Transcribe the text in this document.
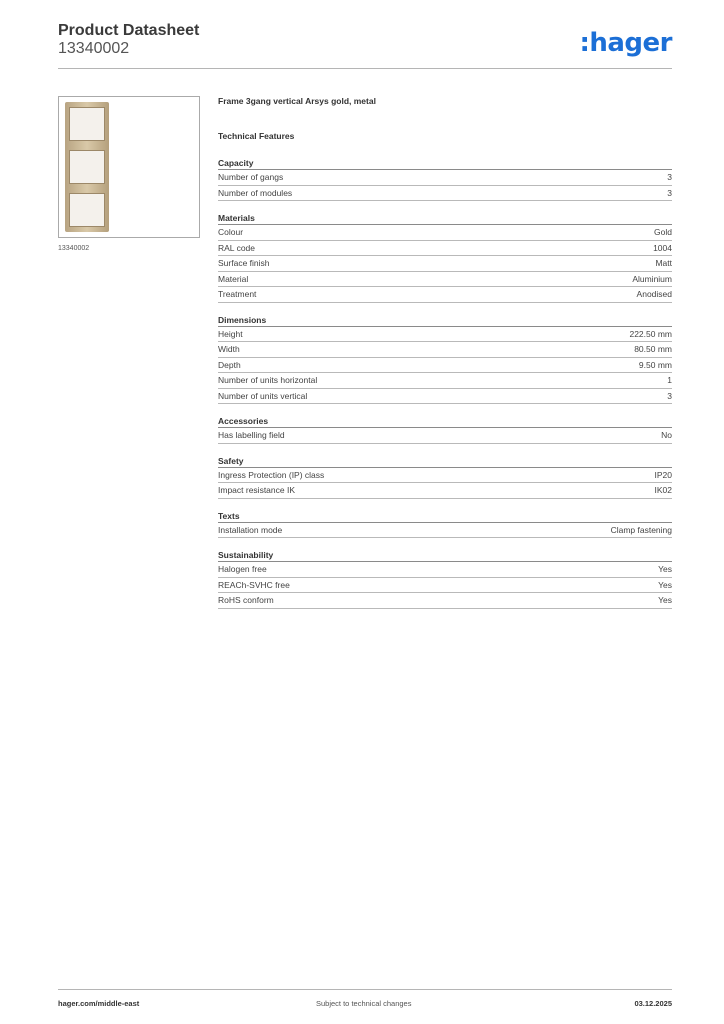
Product Datasheet
13340002	:hager
13340002
Frame 3gang vertical Arsys gold, metal
Technical Features
Capacity
Number of gangs	3
Number of modules	3
Materials
Colour	Gold
RAL code	1004
Surface finish	Matt
Material	Aluminium
Treatment	Anodised
Dimensions
Height	222.50 mm
Width	80.50 mm
Depth	9.50 mm
Number of units horizontal	1
Number of units vertical	3
Accessories
Has labelling field	No
Safety
Ingress Protection (IP) class	IP20
Impact resistance IK	IK02
Texts
Installation mode	Clamp fastening
Sustainability
Halogen free	Yes
REACh-SVHC free	Yes
RoHS conform	Yes
hager.com/middle-east	Subject to technical changes	03.12.2025
